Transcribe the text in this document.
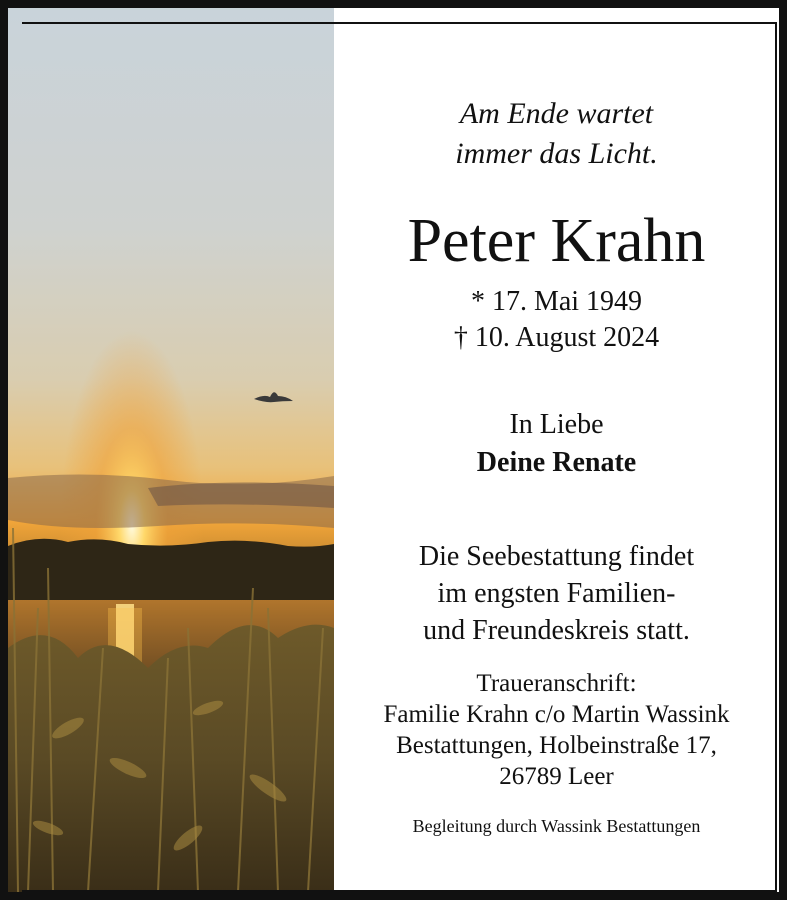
Am Ende wartet
immer das Licht.
Peter Krahn
* 17. Mai 1949
† 10. August 2024
In Liebe
Deine Renate
Die Seebestattung findet
im engsten Familien-
und Freundeskreis statt.
Traueranschrift:
Familie Krahn c/o Martin Wassink
Bestattungen, Holbeinstraße 17,
26789 Leer
Begleitung durch Wassink Bestattungen
